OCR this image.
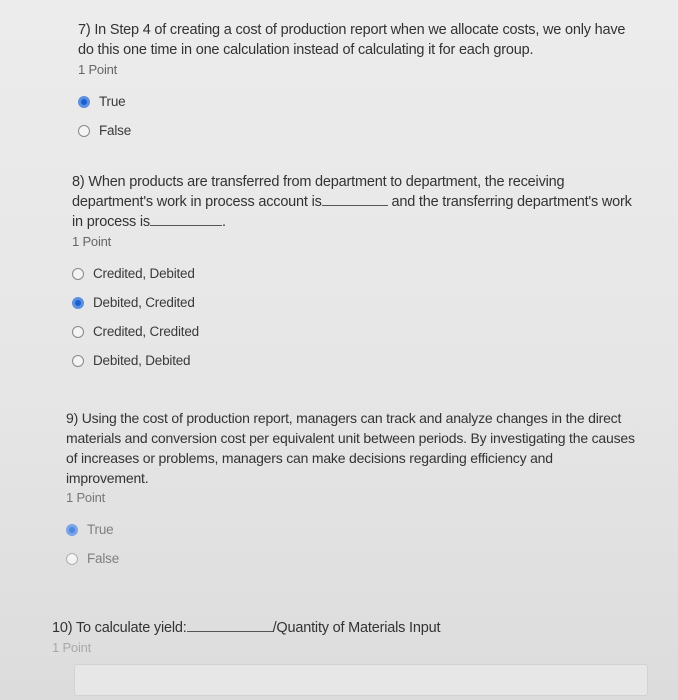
7) In Step 4 of creating a cost of production report when we allocate costs, we only have do this one time in one calculation instead of calculating it for each group.

1 Point
True
False

8) When products are transferred from department to department, the receiving department's work in process account is	and the transferring department's work in process is	.

1 Point
Credited, Debited
Debited, Credited
Credited, Credited
Debited, Debited

9) Using the cost of production report, managers can track and analyze changes in the direct materials and conversion cost per equivalent unit between periods. By investigating the causes of increases or problems, managers can make decisions regarding efficiency and improvement.

1 Point
True
False

10) To calculate yield:	/Quantity of Materials Input

1 Point
